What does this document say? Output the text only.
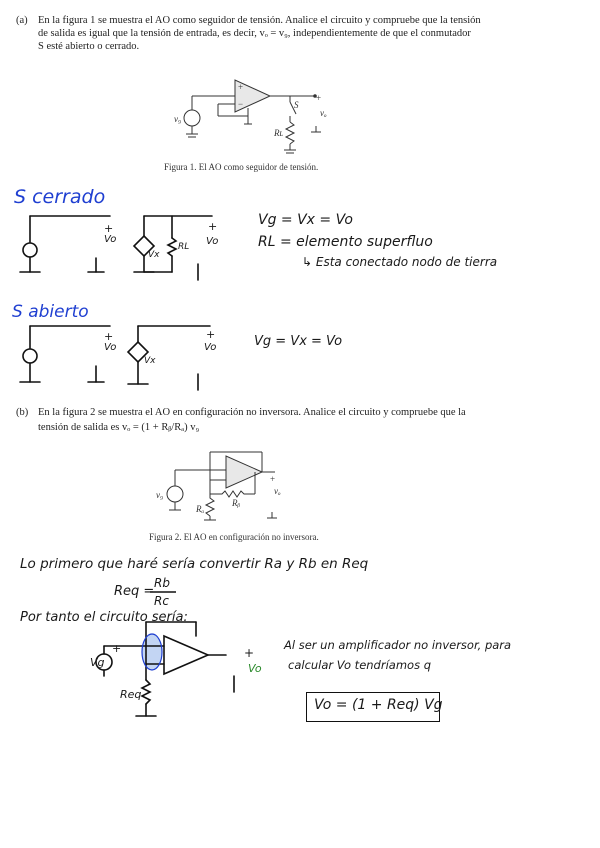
(a) En la figura 1 se muestra el AO como seguidor de tensión. Analice el circuito y compruebe que la tensión
de salida es igual que la tensión de entrada, es decir, vₒ = v₉, independientemente de que el conmutador
S esté abierto o cerrado.
v₉
+
−	S
Rʟ
+
vₒ
Figura 1. El AO como seguidor de tensión.
S cerrado
+
Vo
Vx
RL
+
Vo
Vg = Vx = Vo
RL = elemento superfluo
↳ Esta conectado nodo de tierra
S abierto
+
Vo
Vx
+
Vo	Vg = Vx = Vo
(b) En la figura 2 se muestra el AO en configuración no inversora. Analice el circuito y compruebe que la
tensión de salida es vₒ = (1 + Rᵦ/Rₐ) v₉
v₉
Rₐ
Rᵦ
+
vₒ
Figura 2. El AO en configuración no inversora.
Lo primero que haré sería convertir Ra y Rb en Req
Req =
Rb
Rc
Por tanto el circuito sería:
+
Vg
Req
+
Vo
Al ser un amplificador no inversor, para
calcular Vo tendríamos q
Vo = (1 + Req) Vg
